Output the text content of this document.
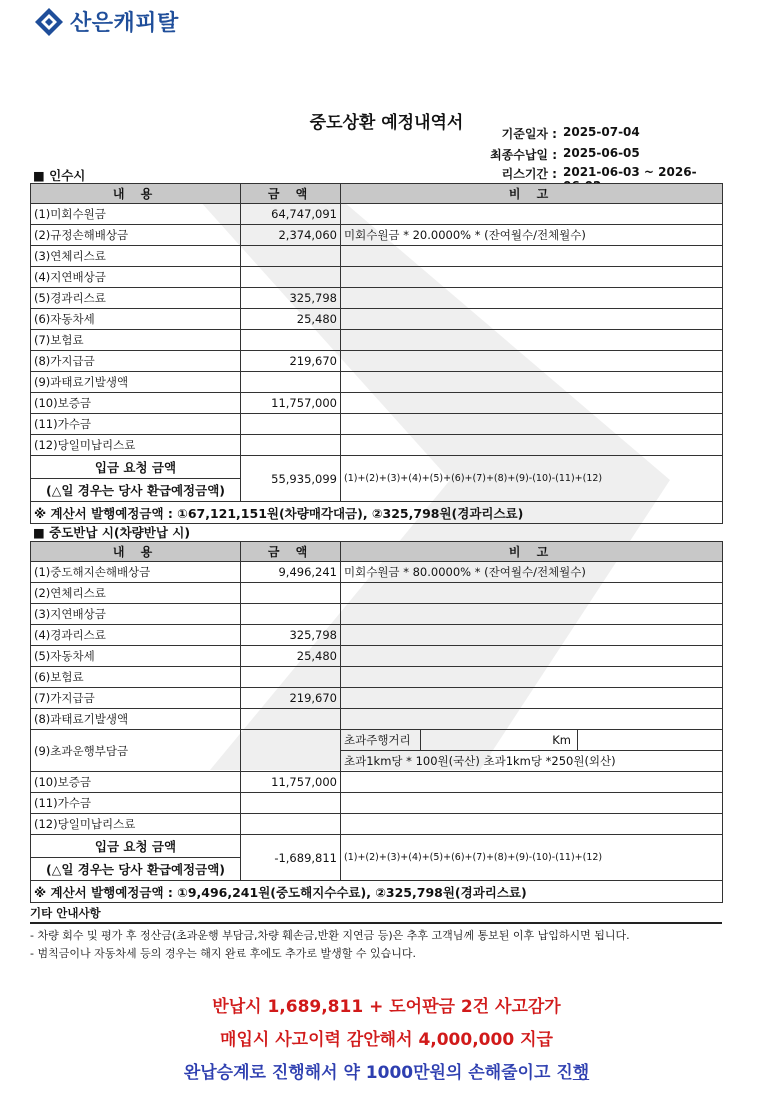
산은캐피탈
중도상환 예정내역서
기준일자 : 2025-07-04
최종수납일 : 2025-06-05
리스기간 : 2021-06-03 ~ 2026-
■ 인수시
내 용	금 액	비 고
(1)미회수원금	64,747,091	
(2)규정손해배상금	2,374,060	미회수원금 * 20.0000% * (잔여월수/전체월수)
(3)연체리스료		
(4)지연배상금		
(5)경과리스료	325,798	
(6)자동차세	25,480	
(7)보험료		
(8)가지급금	219,670	
(9)과태료기발생액		
(10)보증금	11,757,000	
(11)가수금		
(12)당일미납리스료		
입금 요청 금액	55,935,099	(1)+(2)+(3)+(4)+(5)+(6)+(7)+(8)+(9)-(10)-(11)+(12)
(△일 경우는 당사 환급예정금액)		
※ 계산서 발행예정금액 : ①67,121,151원(차량매각대금), ②325,798원(경과리스료)		
■ 중도반납 시(차량반납 시)
내 용	금 액	비 고
(1)중도해지손해배상금	9,496,241	미회수원금 * 80.0000% * (잔여월수/전체월수)
(2)연체리스료		
(3)지연배상금		
(4)경과리스료	325,798	
(5)자동차세	25,480	
(6)보험료		
(7)가지급금	219,670	
(8)과태료기발생액		
(9)초과운행부담금		초과주행거리		Km	

초과1km당 * 100원(국산) 초과1km당 *250원(외산)
(10)보증금	11,757,000	
(11)가수금		
(12)당일미납리스료		
입금 요청 금액	-1,689,811	(1)+(2)+(3)+(4)+(5)+(6)+(7)+(8)+(9)-(10)-(11)+(12)
(△일 경우는 당사 환급예정금액)
※ 계산서 발행예정금액 : ①9,496,241원(중도해지수수료), ②325,798원(경과리스료)
기타 안내사항
- 차량 회수 및 평가 후 정산금(초과운행 부담금,차량 훼손금,반환 지연금 등)은 추후 고객님께 통보된 이후 납입하시면 됩니다.
- 범칙금이나 자동차세 등의 경우는 해지 완료 후에도 추가로 발생할 수 있습니다.
반납시 1,689,811 + 도어판금 2건 사고감가
매입시 사고이력 감안해서 4,000,000 지급
완납승계로 진행해서 약 1000만원의 손해줄이고 진행
